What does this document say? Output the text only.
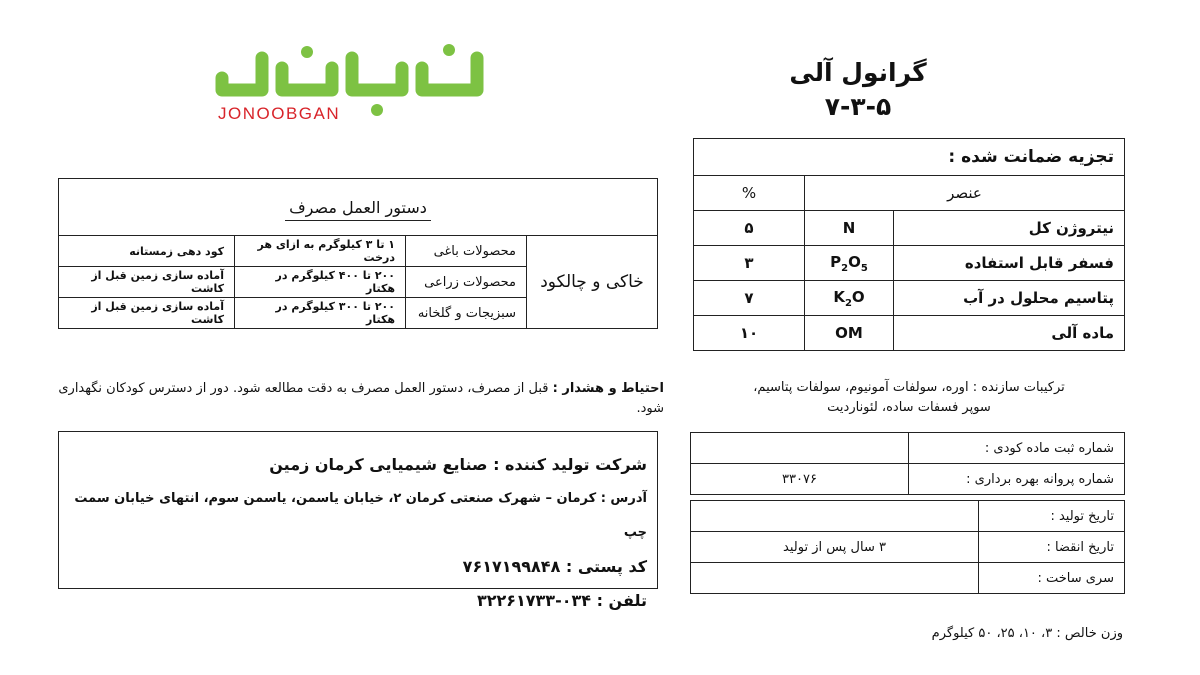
جنوبگان
JONOOBGAN
گرانول آلی
۷-۳-۵
تجزیه ضمانت شده :		
عنصر		%
نیتروژن کل	N	۵
فسفر قابل استفاده	$P_2O_5$	۳
پتاسیم محلول در آب	$K_2O$	۷
ماده آلی	OM	۱۰
ترکیبات سازنده : اوره، سولفات آمونیوم، سولفات پتاسیم،
سوپر فسفات ساده، لئوناردیت
دستور العمل مصرف			
خاکی و چالکود	محصولات باغی	۱ تا ۳ کیلوگرم به ازای هر درخت	کود دهی زمستانه
	محصولات زراعی	۲۰۰ تا ۴۰۰ کیلوگرم در هکتار	آماده سازی زمین قبل از کاشت
	سبزیجات و گلخانه	۲۰۰ تا ۳۰۰ کیلوگرم در هکتار	آماده سازی زمین قبل از کاشت
احتیاط و هشدار : قبل از مصرف، دستور العمل مصرف به دقت مطالعه شود. دور از دسترس کودکان نگهداری شود.
شرکت تولید کننده : صنایع شیمیایی کرمان زمین
آدرس : کرمان – شهرک صنعتی کرمان ۲، خیابان یاسمن، یاسمن سوم، انتهای خیابان سمت چپ
کد پستی : ۷۶۱۷۱۹۹۸۴۸
تلفن : ۰۳۴-۳۲۲۶۱۷۳۳
شماره ثبت ماده کودی :	
شماره پروانه بهره برداری :	۳۳۰۷۶
تاریخ تولید :	
تاریخ انقضا :	۳ سال پس از تولید
سری ساخت :	
وزن خالص : ۳، ۱۰، ۲۵، ۵۰ کیلوگرم
